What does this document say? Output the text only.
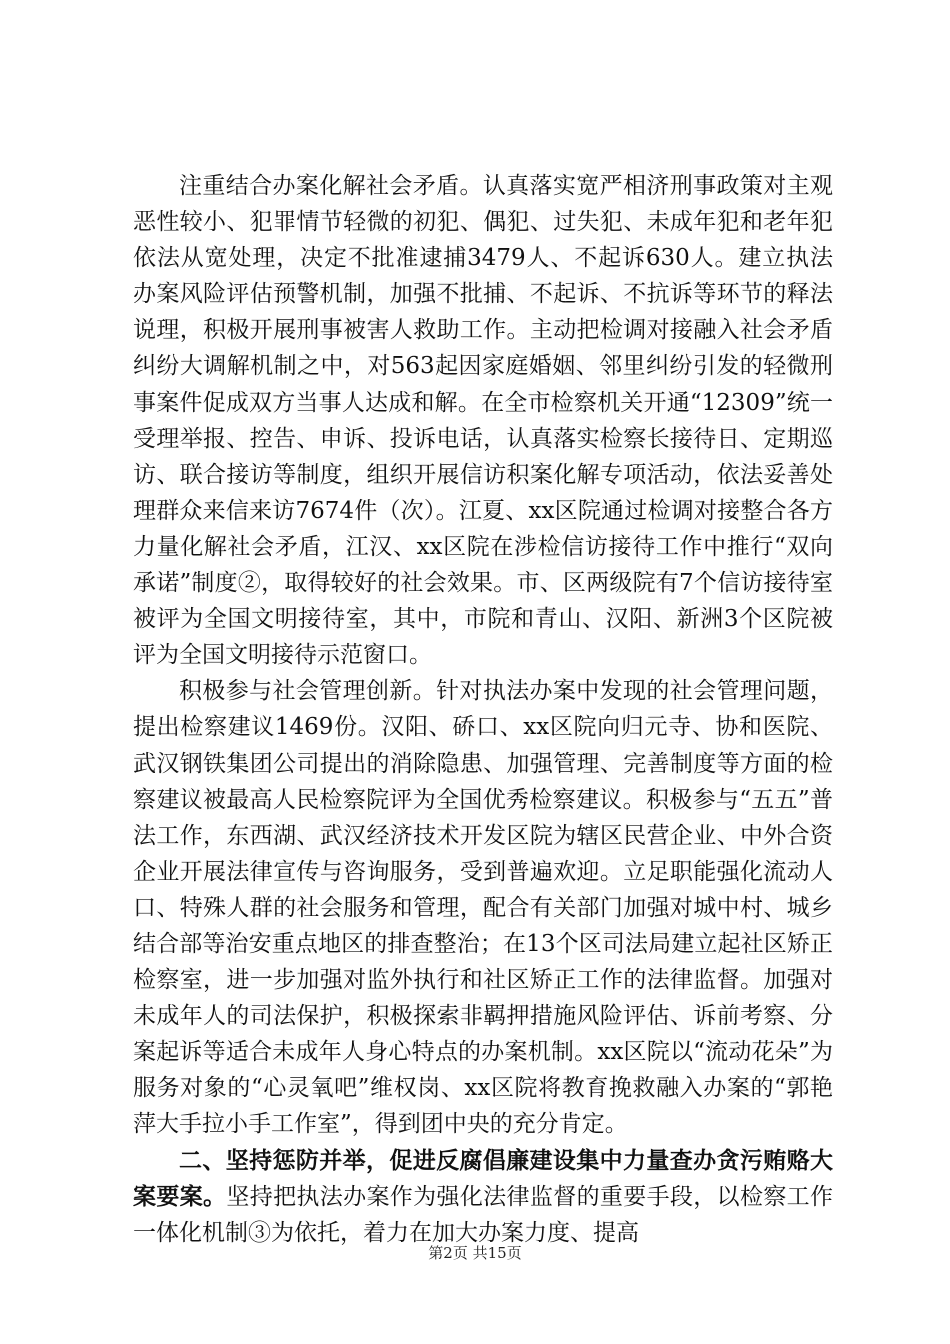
注重结合办案化解社会矛盾。认真落实宽严相济刑事政策对主观恶性较小、犯罪情节轻微的初犯、偶犯、过失犯、未成年犯和老年犯依法从宽处理，决定不批准逮捕3479人、不起诉630人。建立执法办案风险评估预警机制，加强不批捕、不起诉、不抗诉等环节的释法说理，积极开展刑事被害人救助工作。主动把检调对接融入社会矛盾纠纷大调解机制之中，对563起因家庭婚姻、邻里纠纷引发的轻微刑事案件促成双方当事人达成和解。在全市检察机关开通“12309”统一受理举报、控告、申诉、投诉电话，认真落实检察长接待日、定期巡访、联合接访等制度，组织开展信访积案化解专项活动，依法妥善处理群众来信来访7674件（次）。江夏、xx区院通过检调对接整合各方力量化解社会矛盾，江汉、xx区院在涉检信访接待工作中推行“双向承诺”制度②，取得较好的社会效果。市、区两级院有7个信访接待室被评为全国文明接待室，其中，市院和青山、汉阳、新洲3个区院被评为全国文明接待示范窗口。

积极参与社会管理创新。针对执法办案中发现的社会管理问题，提出检察建议1469份。汉阳、硚口、xx区院向归元寺、协和医院、武汉钢铁集团公司提出的消除隐患、加强管理、完善制度等方面的检察建议被最高人民检察院评为全国优秀检察建议。积极参与“五五”普法工作，东西湖、武汉经济技术开发区院为辖区民营企业、中外合资企业开展法律宣传与咨询服务，受到普遍欢迎。立足职能强化流动人口、特殊人群的社会服务和管理，配合有关部门加强对城中村、城乡结合部等治安重点地区的排查整治；在13个区司法局建立起社区矫正检察室，进一步加强对监外执行和社区矫正工作的法律监督。加强对未成年人的司法保护，积极探索非羁押措施风险评估、诉前考察、分案起诉等适合未成年人身心特点的办案机制。xx区院以“流动花朵”为服务对象的“心灵氧吧”维权岗、xx区院将教育挽救融入办案的“郭艳萍大手拉小手工作室”，得到团中央的充分肯定。

二、坚持惩防并举，促进反腐倡廉建设集中力量查办贪污贿赂大案要案。坚持把执法办案作为强化法律监督的重要手段，以检察工作一体化机制③为依托，着力在加大办案力度、提高

第2页 共15页
